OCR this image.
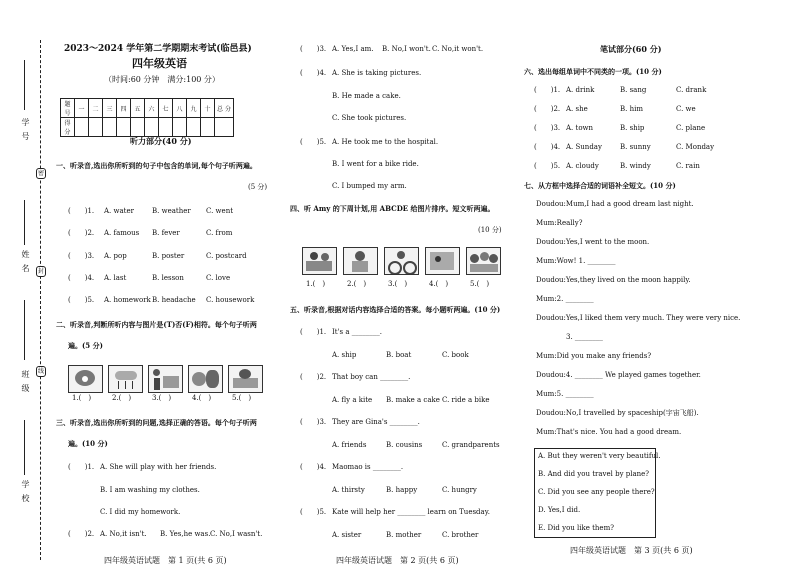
学号
姓名
班级
学校
密
封
线
2023～2024 学年第二学期期末考试(临邑县)
四年级英语
（时间:60 分钟　满分:100 分）
题　号	一	二	三	四	五	六	七	八	九	十	总 分
得　分											
听力部分(40 分)
一、听录音,选出你所听到的句子中包含的单词,每个句子听两遍。
(5 分)
(　　)1. A. water	B. weather C. went
(　　)2. A. famous B. fever	C. from
(　　)3. A. pop	B. poster	C. postcard
(　　)4. A. last	B. lesson	C. love
(　　)5. A. homework B. headache C. housework
二、听录音,判断所听内容与图片是(T)否(F)相符。每个句子听两
遍。(5 分)
1.(　)	2.(　)	3.(　)	4.(　)	5.(　)
三、听录音,选出你所听到的问题,选择正确的答语。每个句子听两
遍。(10 分)
(　　)1. A. She will play with her friends.
B. I am washing my clothes.
C. I did my homework.
(　　)2. A. No,it isn't. B. Yes,he was. C. No,I wasn't.
四年级英语试题　第 1 页(共 6 页)
(　　)3. A. Yes,I am. B. No,I won't. C. No,it won't.
(　　)4. A. She is taking pictures.
B. He made a cake.
C. She took pictures.
(　　)5. A. He took me to the hospital.
B. I went for a bike ride.
C. I bumped my arm.
四、听 Amy 的下周计划,用 ABCDE 给图片排序。短文听两遍。
(10 分)
1.(　)	2.(　)	3.(　)	4.(　)	5.(　)
五、听录音,根据对话内容选择合适的答案。每小题听两遍。(10 分)
(　　)1. It's a ________.
A. ship	B. boat	C. book
(　　)2. That boy can ________.
A. fly a kite B. make a cake C. ride a bike
(　　)3. They are Gina's ________.
A. friends	B. cousins	C. grandparents
(　　)4. Maomao is ________.
A. thirsty	B. happy	C. hungry
(　　)5. Kate will help her ________ learn on Tuesday.
A. sister	B. mother	C. brother
四年级英语试题　第 2 页(共 6 页)
笔试部分(60 分)
六、选出每组单词中不同类的一项。(10 分)
(　　)1. A. drink	B. sang	C. drank
(　　)2. A. she	B. him	C. we
(　　)3. A. town	B. ship	C. plane
(　　)4. A. Sunday	B. sunny	C. Monday
(　　)5. A. cloudy	B. windy	C. rain
七、从方框中选择合适的词语补全短文。(10 分)
Doudou:Mum,I had a good dream last night.
Mum:Really?
Doudou:Yes,I went to the moon.
Mum:Wow! 1. ________
Doudou:Yes,they lived on the moon happily.
Mum:2. ________
Doudou:Yes,I liked them very much. They were very nice.
3. ________
Mum:Did you make any friends?
Doudou:4. ________ We played games together.
Mum:5. ________
Doudou:No,I travelled by spaceship(宇宙飞船).
Mum:That's nice. You had a good dream.
A. But they weren't very beautiful.
B. And did you travel by plane?
C. Did you see any people there?
D. Yes,I did.
E. Did you like them?
四年级英语试题　第 3 页(共 6 页)
